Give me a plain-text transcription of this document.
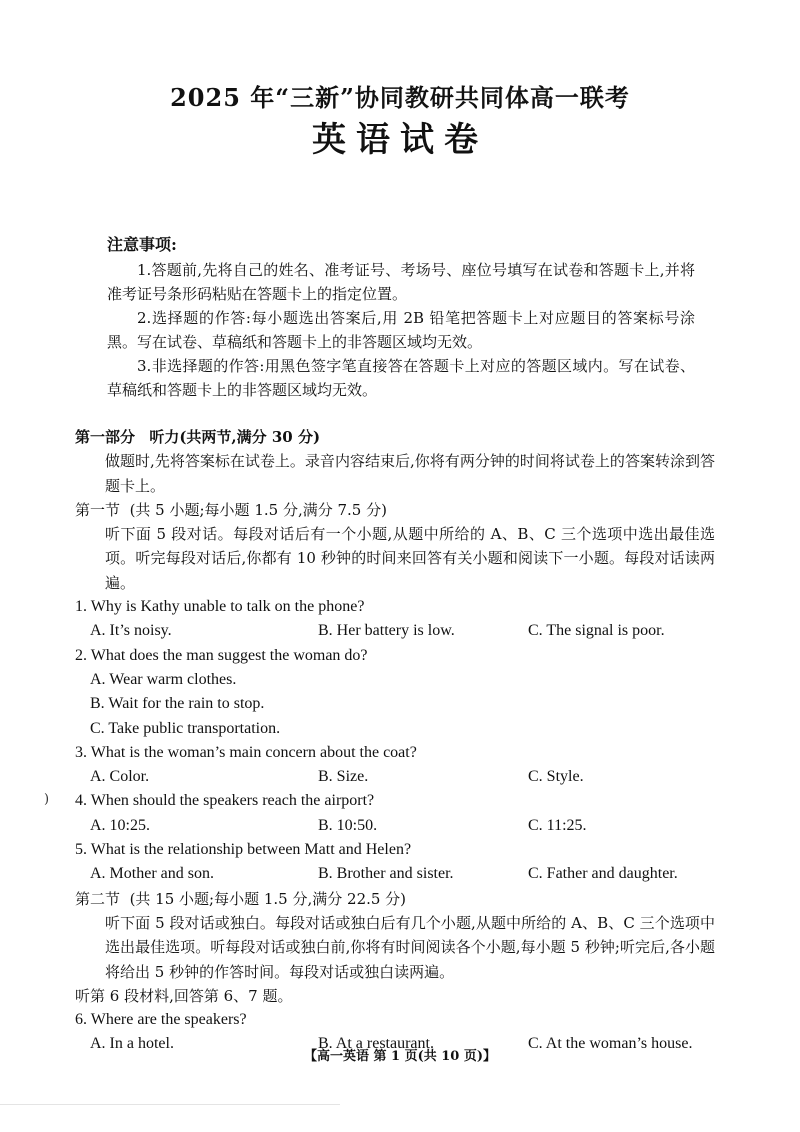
2025 年“三新”协同教研共同体高一联考
英语试卷
注意事项:
1.答题前,先将自己的姓名、准考证号、考场号、座位号填写在试卷和答题卡上,并将准考证号条形码粘贴在答题卡上的指定位置。
2.选择题的作答:每小题选出答案后,用 2B 铅笔把答题卡上对应题目的答案标号涂黑。写在试卷、草稿纸和答题卡上的非答题区域均无效。
3.非选择题的作答:用黑色签字笔直接答在答题卡上对应的答题区域内。写在试卷、草稿纸和答题卡上的非答题区域均无效。
第一部分 听力(共两节,满分 30 分)
做题时,先将答案标在试卷上。录音内容结束后,你将有两分钟的时间将试卷上的答案转涂到答题卡上。
第一节 (共 5 小题;每小题 1.5 分,满分 7.5 分)
听下面 5 段对话。每段对话后有一个小题,从题中所给的 A、B、C 三个选项中选出最佳选项。听完每段对话后,你都有 10 秒钟的时间来回答有关小题和阅读下一小题。每段对话读两遍。
1. Why is Kathy unable to talk on the phone?
A. It’s noisy.	B. Her battery is low.	C. The signal is poor.
2. What does the man suggest the woman do?
A. Wear warm clothes.
B. Wait for the rain to stop.
C. Take public transportation.
3. What is the woman’s main concern about the coat?
A. Color.	B. Size.	C. Style.
4. When should the speakers reach the airport?
A. 10:25.	B. 10:50.	C. 11:25.
5. What is the relationship between Matt and Helen?
A. Mother and son.	B. Brother and sister.	C. Father and daughter.
第二节 (共 15 小题;每小题 1.5 分,满分 22.5 分)
听下面 5 段对话或独白。每段对话或独白后有几个小题,从题中所给的 A、B、C 三个选项中选出最佳选项。听每段对话或独白前,你将有时间阅读各个小题,每小题 5 秒钟;听完后,各小题将给出 5 秒钟的作答时间。每段对话或独白读两遍。
听第 6 段材料,回答第 6、7 题。
6. Where are the speakers?
A. In a hotel.	B. At a restaurant.	C. At the woman’s house.
)
【高一英语 第 1 页(共 10 页)】
